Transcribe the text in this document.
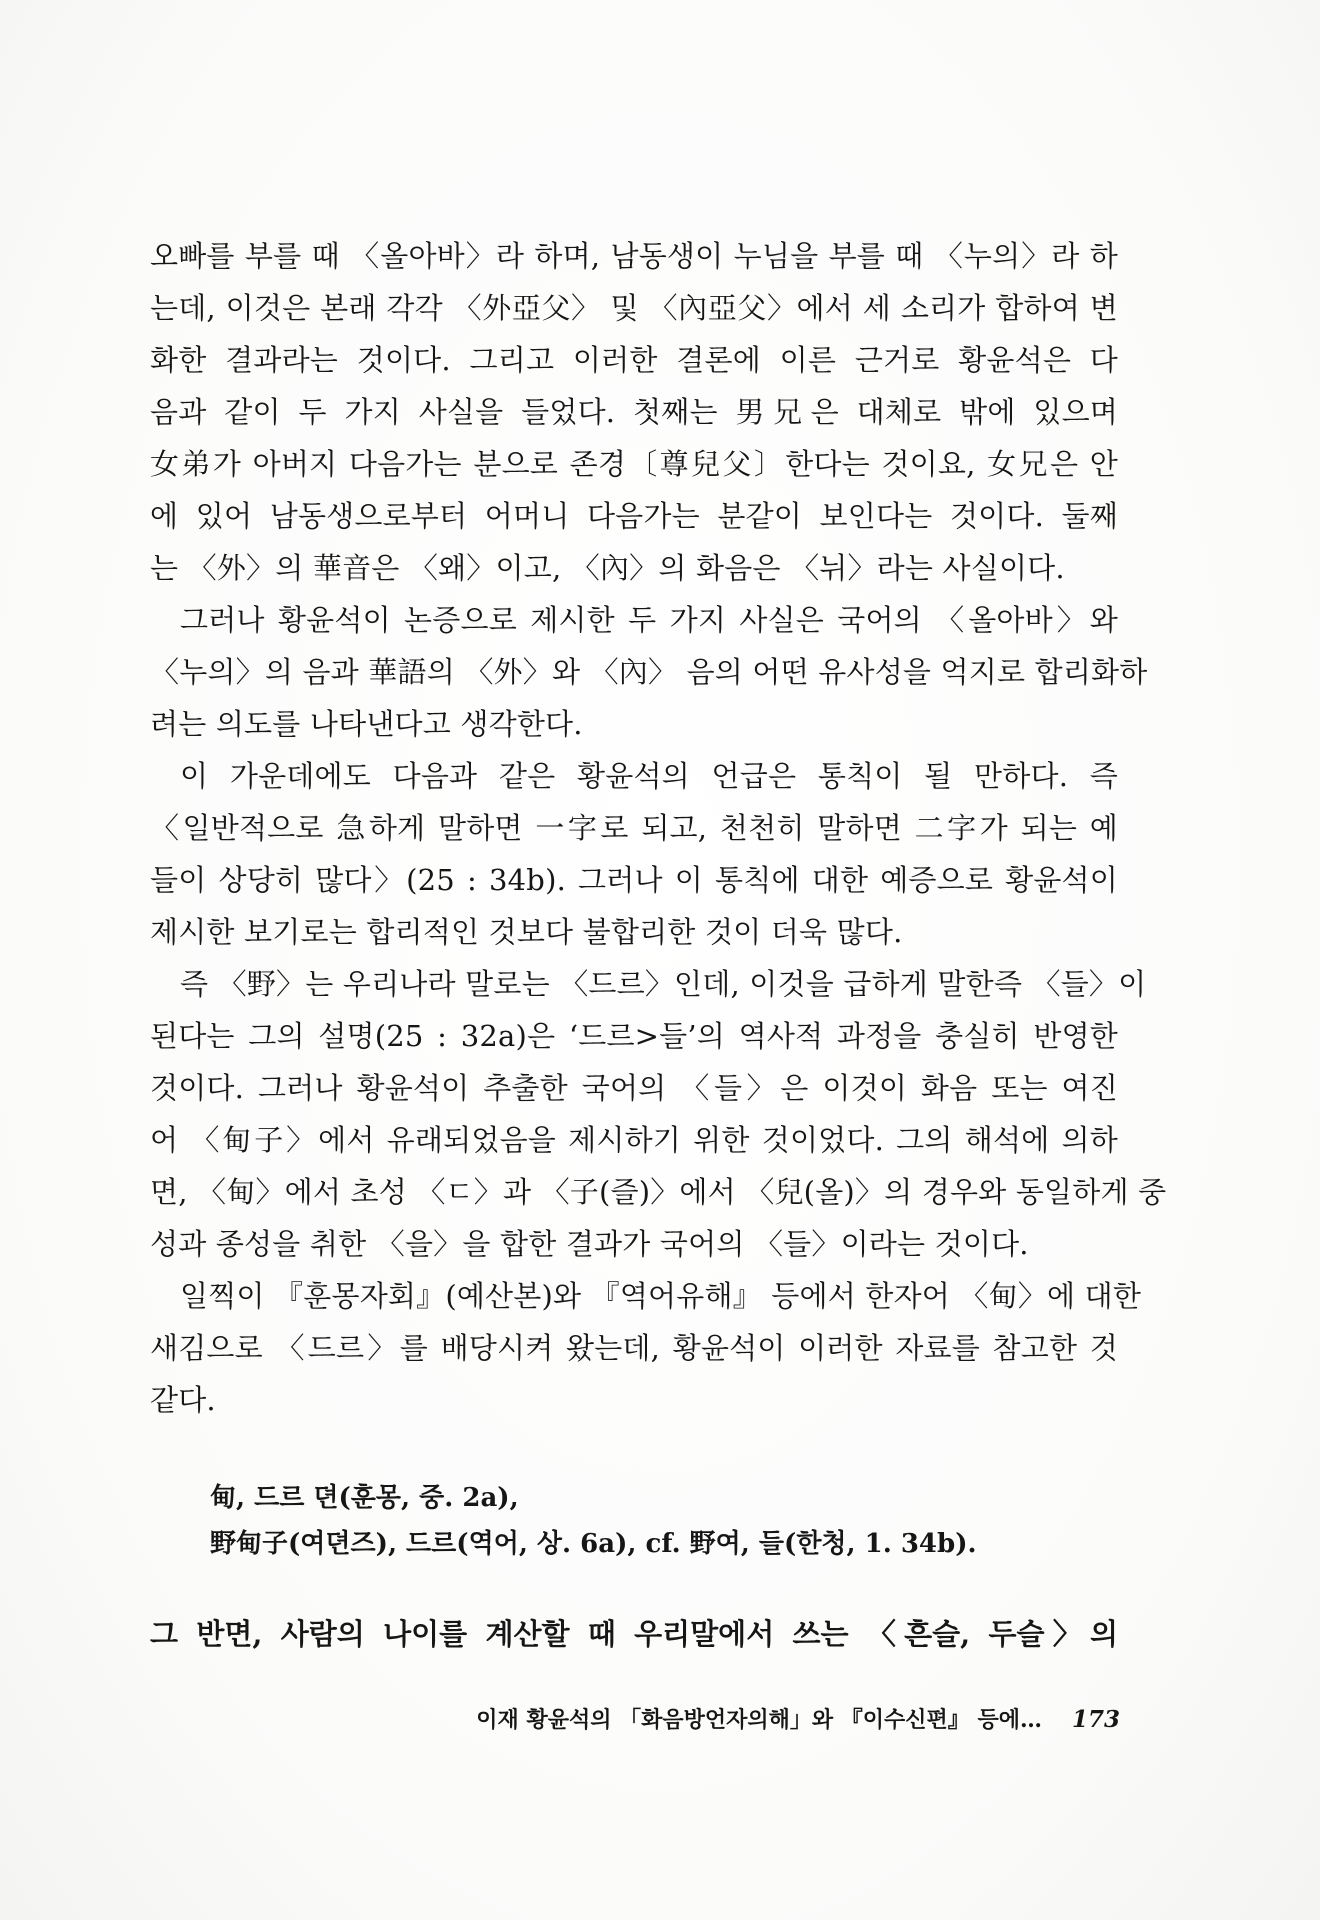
오빠를 부를 때 〈올아바〉라 하며, 남동생이 누님을 부를 때 〈누의〉라 하
는데, 이것은 본래 각각 〈外亞父〉 및 〈內亞父〉에서 세 소리가 합하여 변
화한 결과라는 것이다. 그리고 이러한 결론에 이른 근거로 황윤석은 다
음과 같이 두 가지 사실을 들었다. 첫째는 男兄은 대체로 밖에 있으며
女弟가 아버지 다음가는 분으로 존경〔尊兒父〕한다는 것이요, 女兄은 안
에 있어 남동생으로부터 어머니 다음가는 분같이 보인다는 것이다. 둘째
는 〈外〉의 華音은 〈왜〉이고, 〈內〉의 화음은 〈뉘〉라는 사실이다.
그러나 황윤석이 논증으로 제시한 두 가지 사실은 국어의 〈올아바〉와
〈누의〉의 음과 華語의 〈外〉와 〈內〉 음의 어떤 유사성을 억지로 합리화하
려는 의도를 나타낸다고 생각한다.
이 가운데에도 다음과 같은 황윤석의 언급은 통칙이 될 만하다. 즉
〈일반적으로 急하게 말하면 一字로 되고, 천천히 말하면 二字가 되는 예
들이 상당히 많다〉(25 : 34b). 그러나 이 통칙에 대한 예증으로 황윤석이
제시한 보기로는 합리적인 것보다 불합리한 것이 더욱 많다.
즉 〈野〉는 우리나라 말로는 〈드르〉인데, 이것을 급하게 말한즉 〈들〉이
된다는 그의 설명(25 : 32a)은 ‘드르>들’의 역사적 과정을 충실히 반영한
것이다. 그러나 황윤석이 추출한 국어의 〈들〉은 이것이 화음 또는 여진
어 〈甸子〉에서 유래되었음을 제시하기 위한 것이었다. 그의 해석에 의하
면, 〈甸〉에서 초성 〈ㄷ〉과 〈子(즐)〉에서 〈兒(올)〉의 경우와 동일하게 중
성과 종성을 취한 〈을〉을 합한 결과가 국어의 〈들〉이라는 것이다.
일찍이 『훈몽자회』(예산본)와 『역어유해』 등에서 한자어 〈甸〉에 대한
새김으로 〈드르〉를 배당시켜 왔는데, 황윤석이 이러한 자료를 참고한 것
같다.
甸, 드르 뎐(훈몽, 중. 2a),
野甸子(여뎐즈), 드르(역어, 상. 6a), cf. 野여, 들(한청, 1. 34b).
그 반면, 사람의 나이를 계산할 때 우리말에서 쓰는 〈흔슬, 두슬〉의
이재 황윤석의 「화음방언자의해」와 『이수신편』 등에… 173
